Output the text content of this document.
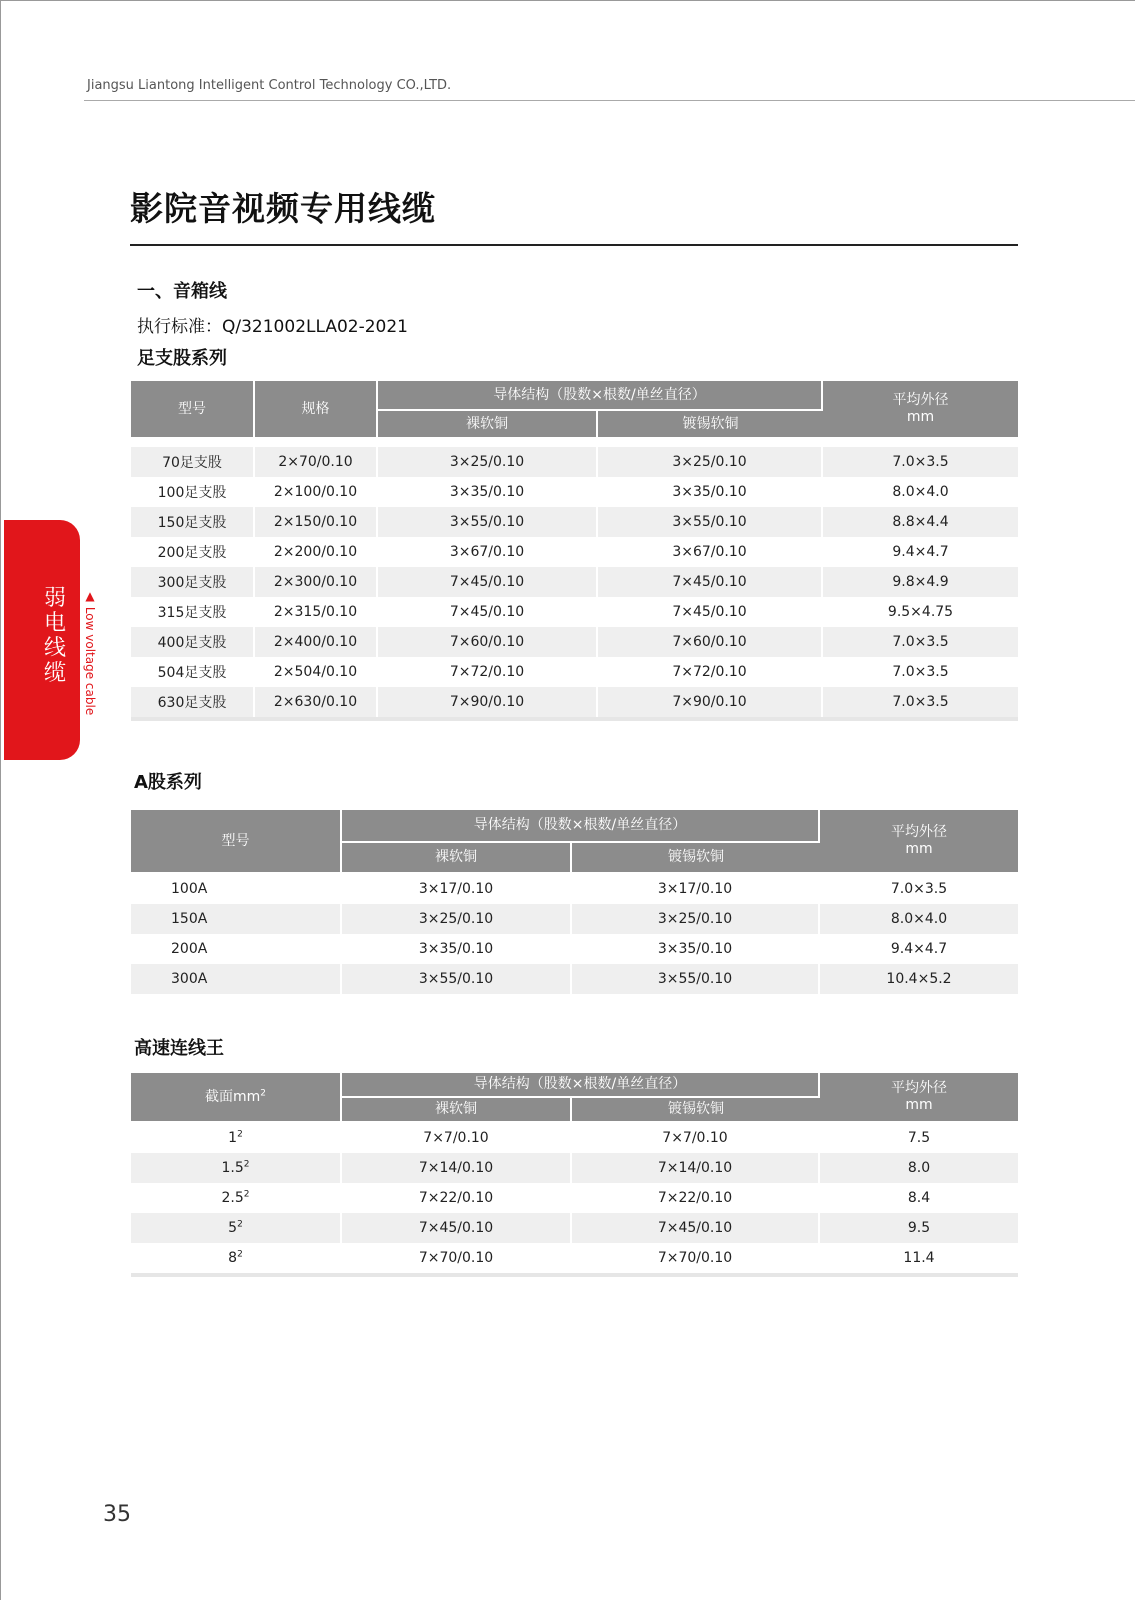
Jiangsu Liantong Intelligent Control Technology CO.,LTD.
影院音视频专用线缆
一、音箱线
执行标准：Q/321002LLA02-2021
足支股系列
型号	规格	导体结构（股数×根数/单丝直径）		平均外径
mm

		裸软铜	镀锡软铜	

70足支股	2×70/0.10	3×25/0.10	3×25/0.10	7.0×3.5
100足支股	2×100/0.10	3×35/0.10	3×35/0.10	8.0×4.0
150足支股	2×150/0.10	3×55/0.10	3×55/0.10	8.8×4.4
200足支股	2×200/0.10	3×67/0.10	3×67/0.10	9.4×4.7
300足支股	2×300/0.10	7×45/0.10	7×45/0.10	9.8×4.9
315足支股	2×315/0.10	7×45/0.10	7×45/0.10	9.5×4.75
400足支股	2×400/0.10	7×60/0.10	7×60/0.10	7.0×3.5
504足支股	2×504/0.10	7×72/0.10	7×72/0.10	7.0×3.5
630足支股	2×630/0.10	7×90/0.10	7×90/0.10	7.0×3.5

弱电线缆 ▲ Low voltage cable
A股系列
型号	导体结构（股数×根数/单丝直径）		平均外径
mm

	裸软铜	镀锡软铜	
100A	3×17/0.10	3×17/0.10	7.0×3.5
150A	3×25/0.10	3×25/0.10	8.0×4.0
200A	3×35/0.10	3×35/0.10	9.4×4.7
300A	3×55/0.10	3×55/0.10	10.4×5.2
高速连线王
截面$mm^2$	导体结构（股数×根数/单丝直径）		平均外径
mm

	裸软铜	镀锡软铜	
$1^2$	7×7/0.10	7×7/0.10	7.5
$1.5^2$	7×14/0.10	7×14/0.10	8.0
$2.5^2$	7×22/0.10	7×22/0.10	8.4
$5^2$	7×45/0.10	7×45/0.10	9.5
$8^2$	7×70/0.10	7×70/0.10	11.4

35
